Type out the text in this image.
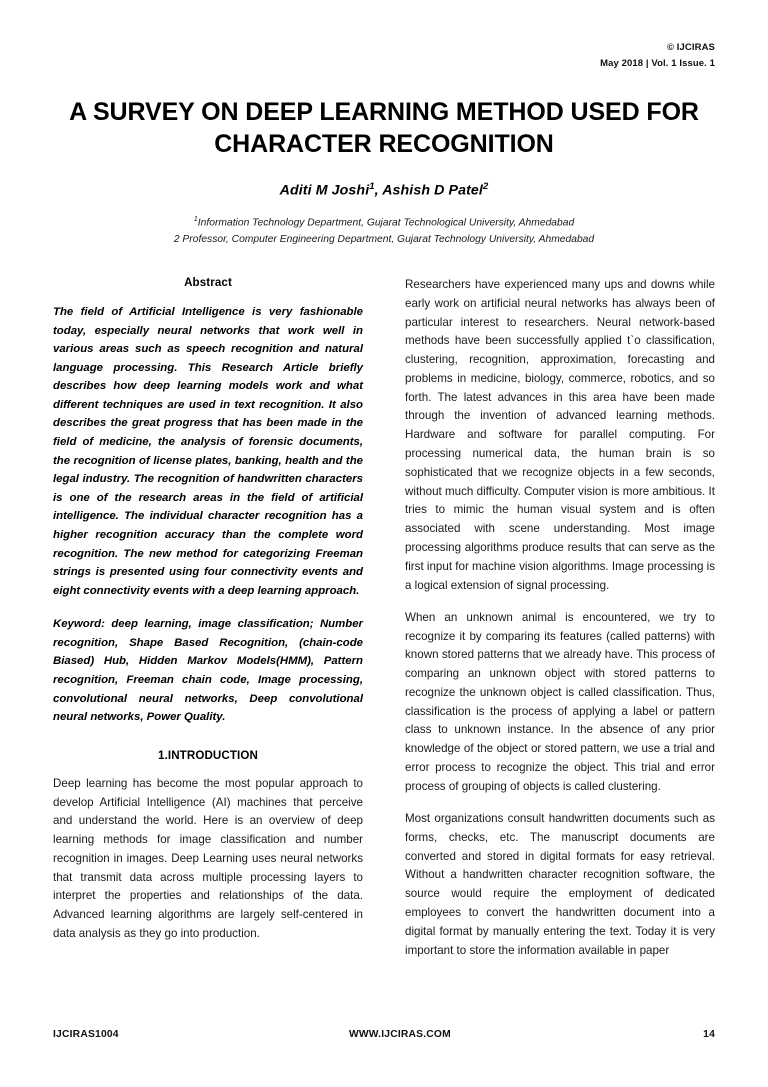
© IJCIRAS
May 2018 | Vol. 1 Issue. 1
A SURVEY ON DEEP LEARNING METHOD USED FOR
CHARACTER RECOGNITION
Aditi M Joshi$^1$, Ashish D Patel$^2$
$^1$Information Technology Department, Gujarat Technological University, Ahmedabad
2 Professor, Computer Engineering Department, Gujarat Technology University, Ahmedabad
Abstract

The field of Artificial Intelligence is very fashionable today, especially neural networks that work well in various areas such as speech recognition and natural language processing. This Research Article briefly describes how deep learning models work and what different techniques are used in text recognition. It also describes the great progress that has been made in the field of medicine, the analysis of forensic documents, the recognition of license plates, banking, health and the legal industry. The recognition of handwritten characters is one of the research areas in the field of artificial intelligence. The individual character recognition has a higher recognition accuracy than the complete word recognition. The new method for categorizing Freeman strings is presented using four connectivity events and eight connectivity events with a deep learning approach.

Keyword: deep learning, image classification; Number recognition, Shape Based Recognition, (chain-code Biased) Hub, Hidden Markov Models(HMM), Pattern recognition, Freeman chain code, Image processing, convolutional neural networks, Deep convolutional neural networks, Power Quality.

1.INTRODUCTION

Deep learning has become the most popular approach to develop Artificial Intelligence (AI) machines that perceive and understand the world. Here is an overview of deep learning methods for image classification and number recognition in images. Deep Learning uses neural networks that transmit data across multiple processing layers to interpret the properties and relationships of the data. Advanced learning algorithms are largely self-centered in data analysis as they go into production.

Researchers have experienced many ups and downs while early work on artificial neural networks has always been of particular interest to researchers. Neural network-based methods have been successfully applied t`o classification, clustering, recognition, approximation, forecasting and problems in medicine, biology, commerce, robotics, and so forth. The latest advances in this area have been made through the invention of advanced learning methods. Hardware and software for parallel computing. For processing numerical data, the human brain is so sophisticated that we recognize objects in a few seconds, without much difficulty. Computer vision is more ambitious. It tries to mimic the human visual system and is often associated with scene understanding. Most image processing algorithms produce results that can serve as the first input for machine vision algorithms. Image processing is a logical extension of signal processing.

When an unknown animal is encountered, we try to recognize it by comparing its features (called patterns) with known stored patterns that we already have. This process of comparing an unknown object with stored patterns to recognize the unknown object is called classification. Thus, classification is the process of applying a label or pattern class to unknown instance. In the absence of any prior knowledge of the object or stored pattern, we use a trial and error process to recognize the object. This trial and error process of grouping of objects is called clustering.

Most organizations consult handwritten documents such as forms, checks, etc. The manuscript documents are converted and stored in digital formats for easy retrieval. Without a handwritten character recognition software, the source would require the employment of dedicated employees to convert the handwritten document into a digital format by manually entering the text. Today it is very important to store the information available in paper

IJCIRAS1004	WWW.IJCIRAS.COM	14
